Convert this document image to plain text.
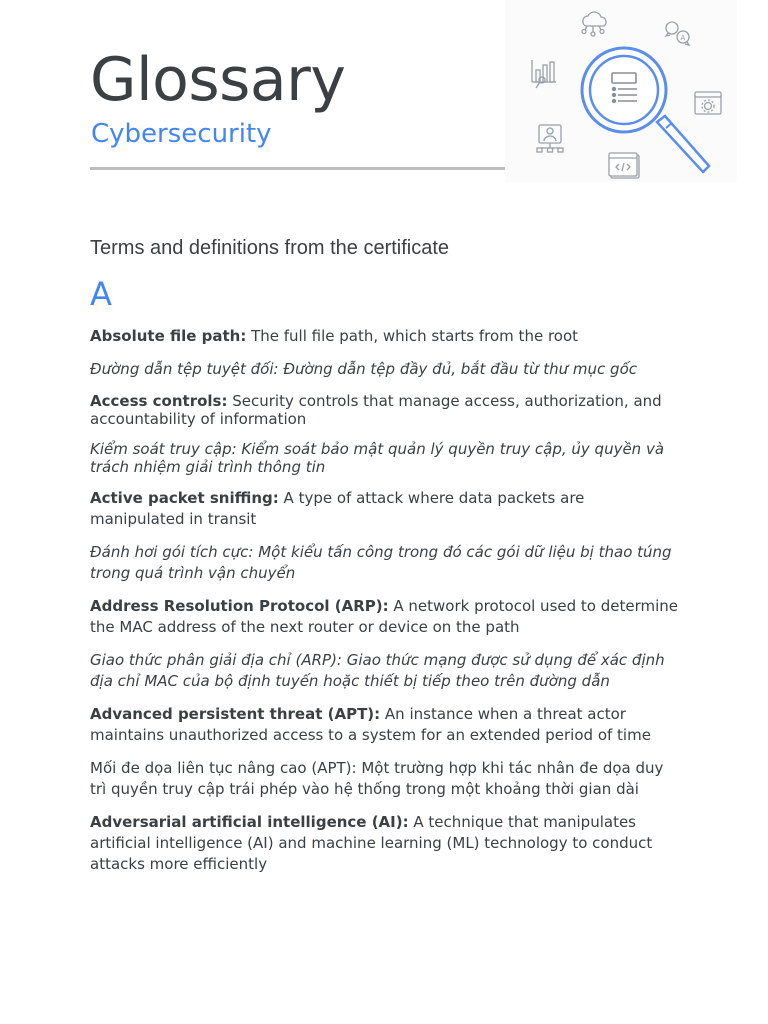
Glossary
Cybersecurity
A

Terms and definitions from the certificate

A

Absolute file path: The full file path, which starts from the root

Đường dẫn tệp tuyệt đối: Đường dẫn tệp đầy đủ, bắt đầu từ thư mục gốc

Access controls: Security controls that manage access, authorization, and accountability of information

Kiểm soát truy cập: Kiểm soát bảo mật quản lý quyền truy cập, ủy quyền và trách nhiệm giải trình thông tin

Active packet sniffing: A type of attack where data packets are manipulated in transit

Đánh hơi gói tích cực: Một kiểu tấn công trong đó các gói dữ liệu bị thao túng trong quá trình vận chuyển

Address Resolution Protocol (ARP): A network protocol used to determine the MAC address of the next router or device on the path

Giao thức phân giải địa chỉ (ARP): Giao thức mạng được sử dụng để xác định địa chỉ MAC của bộ định tuyến hoặc thiết bị tiếp theo trên đường dẫn

Advanced persistent threat (APT): An instance when a threat actor maintains unauthorized access to a system for an extended period of time

Mối đe dọa liên tục nâng cao (APT): Một trường hợp khi tác nhân đe dọa duy trì quyền truy cập trái phép vào hệ thống trong một khoảng thời gian dài

Adversarial artificial intelligence (AI): A technique that manipulates artificial intelligence (AI) and machine learning (ML) technology to conduct attacks more efficiently
